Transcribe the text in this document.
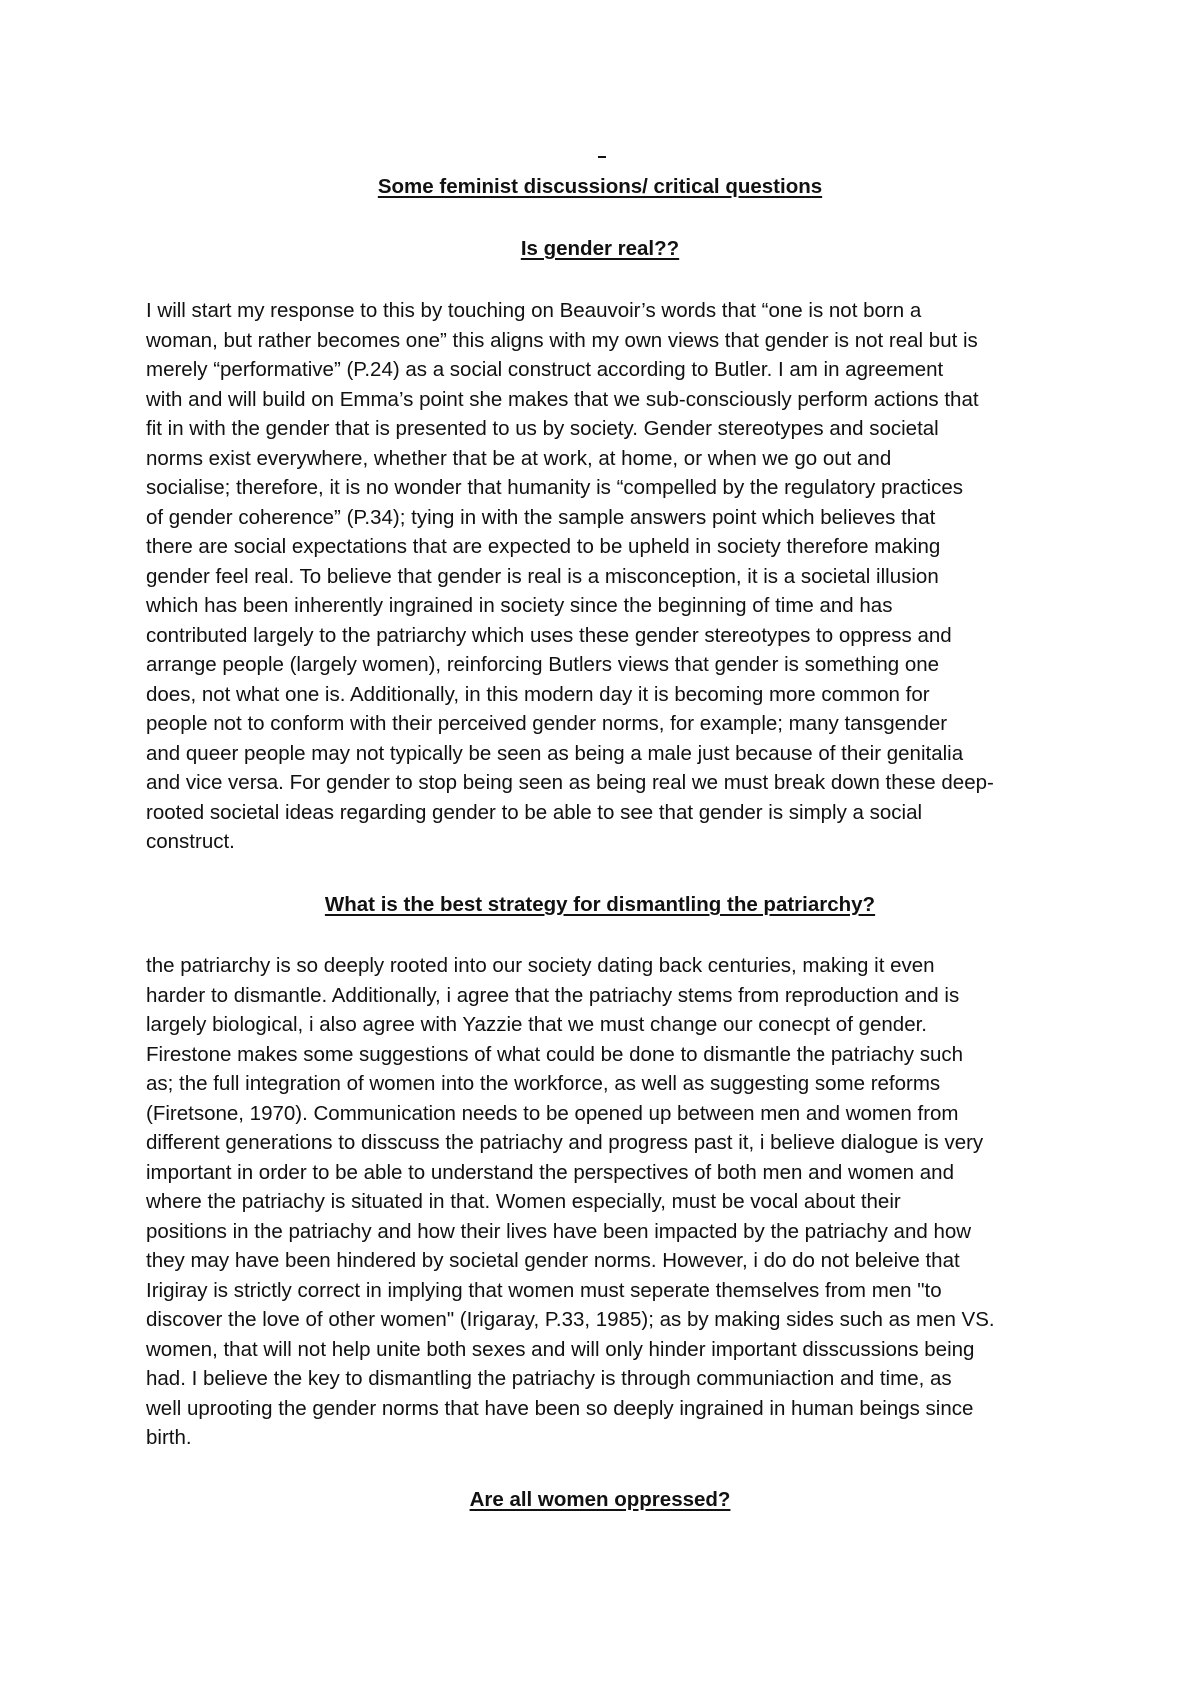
Some feminist discussions/ critical questions
Is gender real??
I will start my response to this by touching on Beauvoir’s words that “one is not born a
woman, but rather becomes one” this aligns with my own views that gender is not real but is
merely “performative” (P.24) as a social construct according to Butler. I am in agreement
with and will build on Emma’s point she makes that we sub-consciously perform actions that
fit in with the gender that is presented to us by society. Gender stereotypes and societal
norms exist everywhere, whether that be at work, at home, or when we go out and
socialise; therefore, it is no wonder that humanity is “compelled by the regulatory practices
of gender coherence” (P.34); tying in with the sample answers point which believes that
there are social expectations that are expected to be upheld in society therefore making
gender feel real. To believe that gender is real is a misconception, it is a societal illusion
which has been inherently ingrained in society since the beginning of time and has
contributed largely to the patriarchy which uses these gender stereotypes to oppress and
arrange people (largely women), reinforcing Butlers views that gender is something one
does, not what one is. Additionally, in this modern day it is becoming more common for
people not to conform with their perceived gender norms, for example; many tansgender
and queer people may not typically be seen as being a male just because of their genitalia
and vice versa. For gender to stop being seen as being real we must break down these deep-
rooted societal ideas regarding gender to be able to see that gender is simply a social
construct.
What is the best strategy for dismantling the patriarchy?
the patriarchy is so deeply rooted into our society dating back centuries, making it even
harder to dismantle. Additionally, i agree that the patriachy stems from reproduction and is
largely biological, i also agree with Yazzie that we must change our conecpt of gender.
Firestone makes some suggestions of what could be done to dismantle the patriachy such
as; the full integration of women into the workforce, as well as suggesting some reforms
(Firetsone, 1970). Communication needs to be opened up between men and women from
different generations to disscuss the patriachy and progress past it, i believe dialogue is very
important in order to be able to understand the perspectives of both men and women and
where the patriachy is situated in that. Women especially, must be vocal about their
positions in the patriachy and how their lives have been impacted by the patriachy and how
they may have been hindered by societal gender norms. However, i do do not beleive that
Irigiray is strictly correct in implying that women must seperate themselves from men "to
discover the love of other women" (Irigaray, P.33, 1985); as by making sides such as men VS.
women, that will not help unite both sexes and will only hinder important disscussions being
had. I believe the key to dismantling the patriachy is through communiaction and time, as
well uprooting the gender norms that have been so deeply ingrained in human beings since
birth.
Are all women oppressed?
